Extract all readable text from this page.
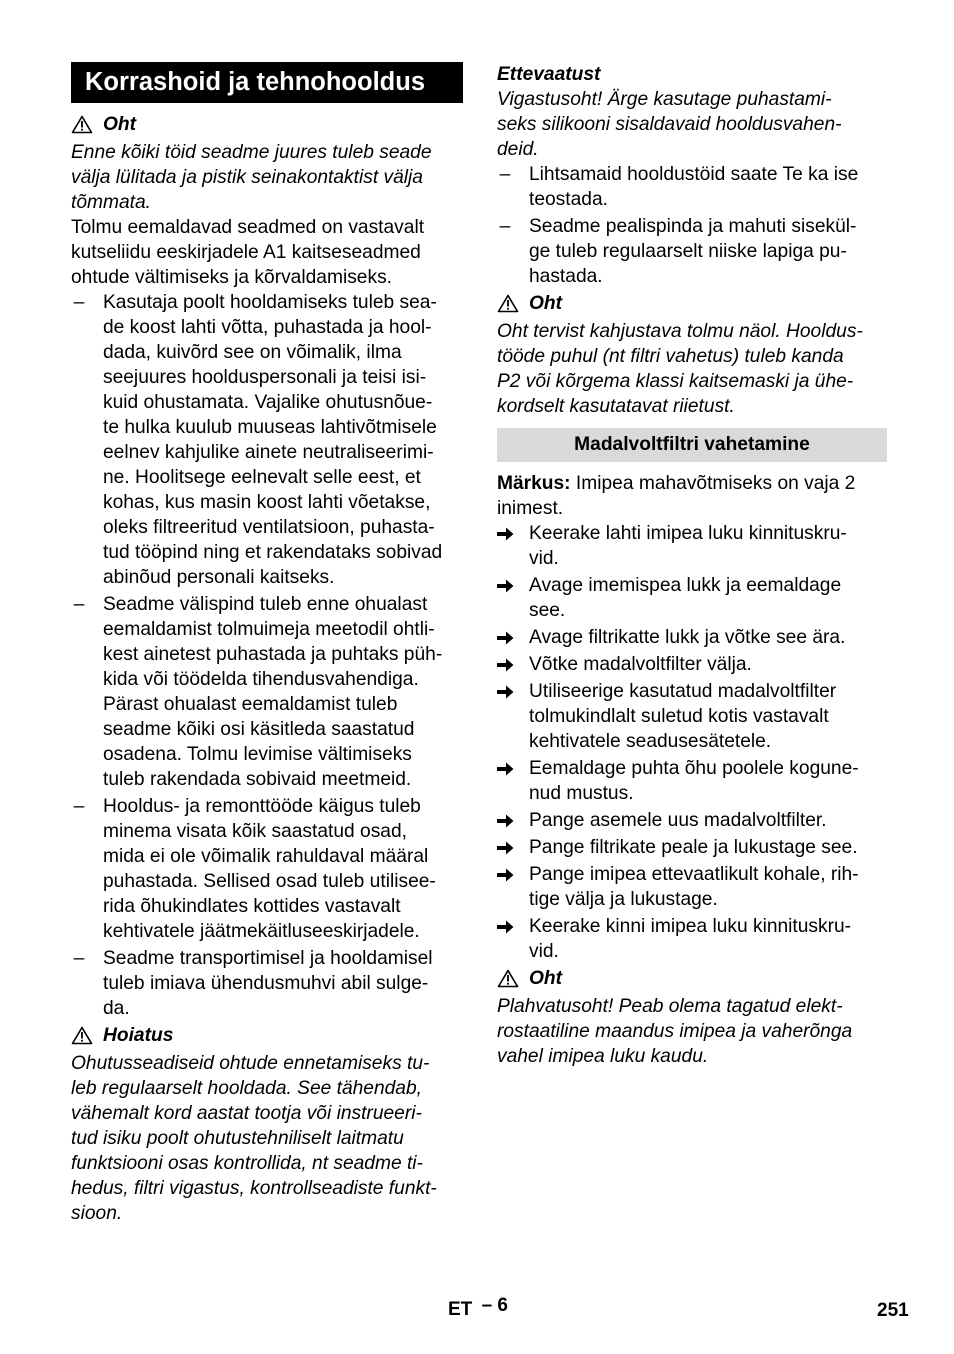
Korrashoid ja tehnohooldus
Oht

Enne kõiki töid seadme juures tuleb seade
välja lülitada ja pistik seinakontaktist välja
tõmmata.

Tolmu eemaldavad seadmed on vastavalt
kutseliidu eeskirjadele A1 kaitseseadmed
ohtude vältimiseks ja kõrvaldamiseks.

– Kasutaja poolt hooldamiseks tuleb sea-
de koost lahti võtta, puhastada ja hool-
dada, kuivõrd see on võimalik, ilma
seejuures hoolduspersonali ja teisi isi-
kuid ohustamata. Vajalike ohutusnõue-
te hulka kuulub muuseas lahtivõtmisele
eelnev kahjulike ainete neutraliseerimi-
ne. Hoolitsege eelnevalt selle eest, et
kohas, kus masin koost lahti võetakse,
oleks filtreeritud ventilatsioon, puhasta-
tud tööpind ning et rakendataks sobivad
abinõud personali kaitseks.
– Seadme välispind tuleb enne ohualast
eemaldamist tolmuimeja meetodil ohtli-
kest ainetest puhastada ja puhtaks püh-
kida või töödelda tihendusvahendiga.
Pärast ohualast eemaldamist tuleb
seadme kõiki osi käsitleda saastatud
osadena. Tolmu levimise vältimiseks
tuleb rakendada sobivaid meetmeid.
– Hooldus- ja remonttööde käigus tuleb
minema visata kõik saastatud osad,
mida ei ole võimalik rahuldaval määral
puhastada. Sellised osad tuleb utilisee-
rida õhukindlates kottides vastavalt
kehtivatele jäätmekäitluseeskirjadele.
– Seadme transportimisel ja hooldamisel
tuleb imiava ühendusmuhvi abil sulge-
da.
Hoiatus

Ohutusseadiseid ohtude ennetamiseks tu-
leb regulaarselt hooldada. See tähendab,
vähemalt kord aastat tootja või instrueeri-
tud isiku poolt ohutustehniliselt laitmatu
funktsiooni osas kontrollida, nt seadme ti-
hedus, filtri vigastus, kontrollseadiste funkt-
sioon.

Ettevaatust

Vigastusoht! Ärge kasutage puhastami-
seks silikooni sisaldavaid hooldusvahen-
deid.

– Lihtsamaid hooldustöid saate Te ka ise
teostada.
– Seadme pealispinda ja mahuti sisekül-
ge tuleb regulaarselt niiske lapiga pu-
hastada.
Oht

Oht tervist kahjustava tolmu näol. Hooldus-
tööde puhul (nt filtri vahetus) tuleb kanda
P2 või kõrgema klassi kaitsemaski ja ühe-
kordselt kasutatavat riietust.

Madalvoltfiltri vahetamine

Märkus: Imipea mahavõtmiseks on vaja 2
inimest.

Keerake lahti imipea luku kinnituskru-
vid.
Avage imemispea lukk ja eemaldage
see.
Avage filtrikatte lukk ja võtke see ära.
Võtke madalvoltfilter välja.
Utiliseerige kasutatud madalvoltfilter
tolmukindlalt suletud kotis vastavalt
kehtivatele seadusesätetele.
Eemaldage puhta õhu poolele kogune-
nud mustus.
Pange asemele uus madalvoltfilter.
Pange filtrikate peale ja lukustage see.
Pange imipea ettevaatlikult kohale, rih-
tige välja ja lukustage.
Keerake kinni imipea luku kinnituskru-
vid.
Oht

Plahvatusoht! Peab olema tagatud elekt-
rostaatiline maandus imipea ja vaherõnga
vahel imipea luku kaudu.

ET – 6	251
